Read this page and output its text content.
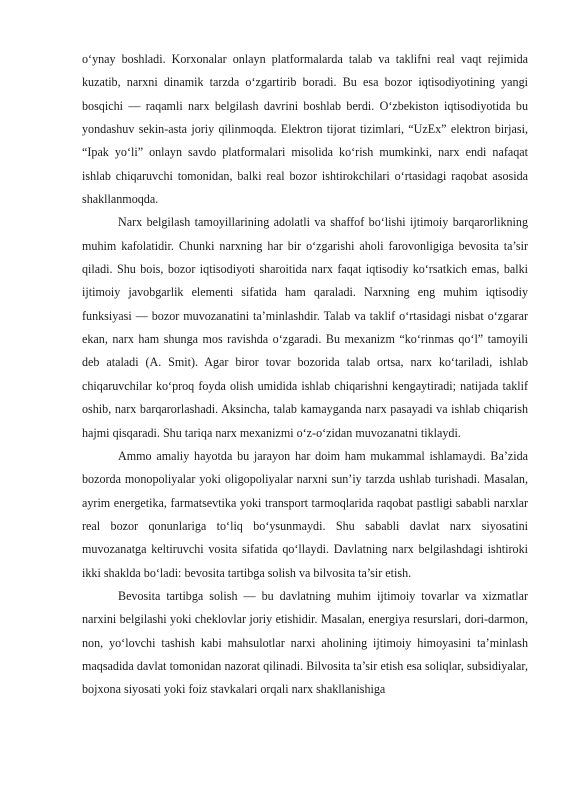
o‘ynay boshladi. Korxonalar onlayn platformalarda talab va taklifni real vaqt rejimida kuzatib, narxni dinamik tarzda o‘zgartirib boradi. Bu esa bozor iqtisodiyotining yangi bosqichi — raqamli narx belgilash davrini boshlab berdi. O‘zbekiston iqtisodiyotida bu yondashuv sekin-asta joriy qilinmoqda. Elektron tijorat tizimlari, “UzEx” elektron birjasi, “Ipak yo‘li” onlayn savdo platformalari misolida ko‘rish mumkinki, narx endi nafaqat ishlab chiqaruvchi tomonidan, balki real bozor ishtirokchilari o‘rtasidagi raqobat asosida shakllanmoqda.

Narx belgilash tamoyillarining adolatli va shaffof bo‘lishi ijtimoiy barqarorlikning muhim kafolatidir. Chunki narxning har bir o‘zgarishi aholi farovonligiga bevosita ta’sir qiladi. Shu bois, bozor iqtisodiyoti sharoitida narx faqat iqtisodiy ko‘rsatkich emas, balki ijtimoiy javobgarlik elementi sifatida ham qaraladi. Narxning eng muhim iqtisodiy funksiyasi — bozor muvozanatini ta’minlashdir. Talab va taklif o‘rtasidagi nisbat o‘zgarar ekan, narx ham shunga mos ravishda o‘zgaradi. Bu mexanizm “ko‘rinmas qo‘l” tamoyili deb ataladi (A. Smit). Agar biror tovar bozorida talab ortsa, narx ko‘tariladi, ishlab chiqaruvchilar ko‘proq foyda olish umidida ishlab chiqarishni kengaytiradi; natijada taklif oshib, narx barqarorlashadi. Aksincha, talab kamayganda narx pasayadi va ishlab chiqarish hajmi qisqaradi. Shu tariqa narx mexanizmi o‘z-o‘zidan muvozanatni tiklaydi.

Ammo amaliy hayotda bu jarayon har doim ham mukammal ishlamaydi. Ba’zida bozorda monopoliyalar yoki oligopoliyalar narxni sun’iy tarzda ushlab turishadi. Masalan, ayrim energetika, farmatsevtika yoki transport tarmoqlarida raqobat pastligi sababli narxlar real bozor qonunlariga to‘liq bo‘ysunmaydi. Shu sababli davlat narx siyosatini muvozanatga keltiruvchi vosita sifatida qo‘llaydi. Davlatning narx belgilashdagi ishtiroki ikki shaklda bo‘ladi: bevosita tartibga solish va bilvosita ta’sir etish.

Bevosita tartibga solish — bu davlatning muhim ijtimoiy tovarlar va xizmatlar narxini belgilashi yoki cheklovlar joriy etishidir. Masalan, energiya resurslari, dori-darmon, non, yo‘lovchi tashish kabi mahsulotlar narxi aholining ijtimoiy himoyasini ta’minlash maqsadida davlat tomonidan nazorat qilinadi. Bilvosita ta’sir etish esa soliqlar, subsidiyalar, bojxona siyosati yoki foiz stavkalari orqali narx shakllanishiga
